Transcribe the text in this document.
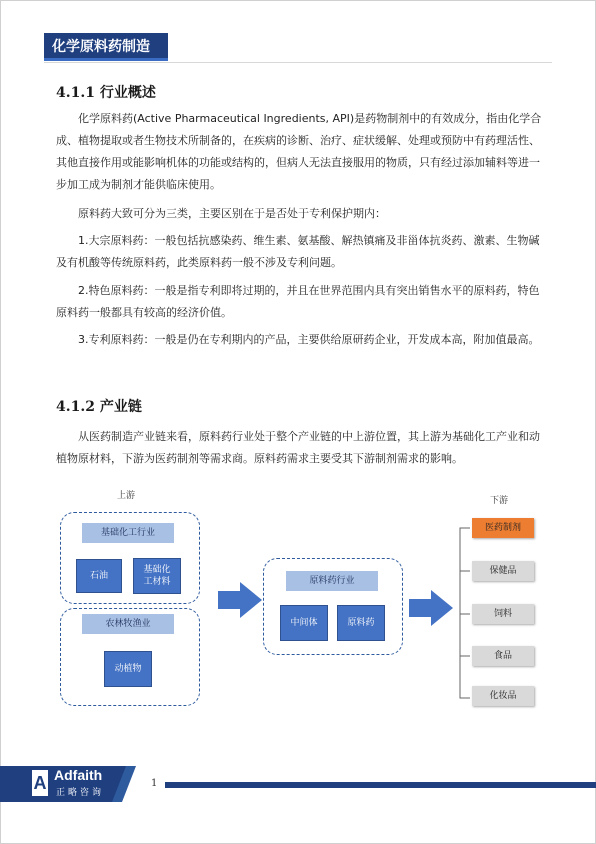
化学原料药制造
4.1.1 行业概述

化学原料药(Active Pharmaceutical Ingredients, API)是药物制剂中的有效成分，指由化学合成、植物提取或者生物技术所制备的，在疾病的诊断、治疗、症状缓解、处理或预防中有药理活性、其他直接作用或能影响机体的功能或结构的，但病人无法直接服用的物质，只有经过添加辅料等进一步加工成为制剂才能供临床使用。

原料药大致可分为三类，主要区别在于是否处于专利保护期内：

1.大宗原料药：一般包括抗感染药、维生素、氨基酸、解热镇痛及非甾体抗炎药、激素、生物碱及有机酸等传统原料药，此类原料药一般不涉及专利问题。

2.特色原料药：一般是指专利即将过期的，并且在世界范围内具有突出销售水平的原料药，特色原料药一般都具有较高的经济价值。

3.专利原料药：一般是仍在专利期内的产品，主要供给原研药企业，开发成本高，附加值最高。

4.1.2 产业链

从医药制造产业链来看，原料药行业处于整个产业链的中上游位置，其上游为基础化工产业和动植物原材料，下游为医药制剂等需求商。原料药需求主要受其下游制剂需求的影响。

上游	下游
基础化工行业
石油
基础化
工材料
农林牧渔业
动植物
原料药行业
中间体	原料药
医药制剂
保健品
饲料
食品
化妆品
A Adfaith
正略咨询
1
